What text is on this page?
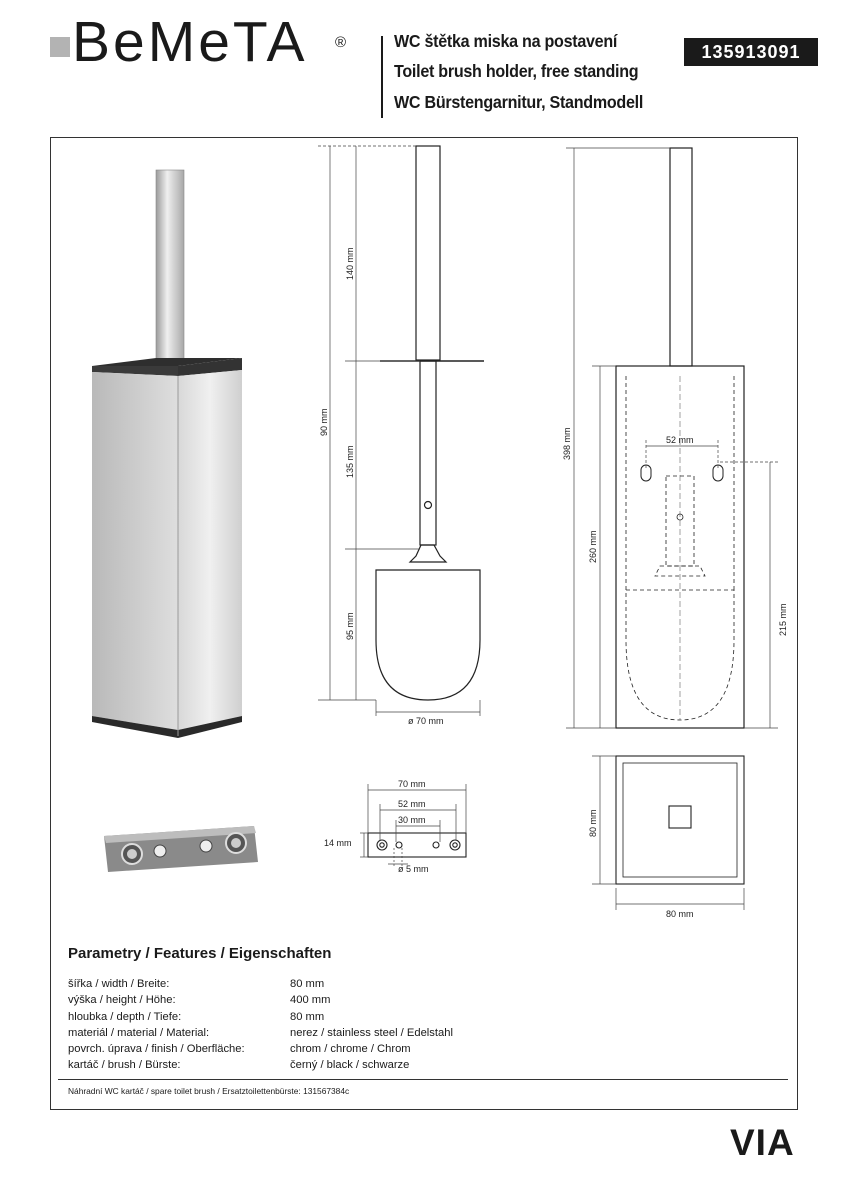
BeMeTA ®	WC štětka miska na postavení
Toilet brush holder, free standing
WC Bürstengarnitur, Standmodell
135913091
140 mm
90 mm
135 mm
95 mm
ø 70 mm
398 mm	52 mm
260 mm
215 mm
70 mm
52 mm
30 mm
14 mm
ø 5 mm
80 mm
80 mm
Parametry / Features / Eigenschaften
šířka / width / Breite:	80 mm
výška / height / Höhe:	400 mm
hloubka / depth / Tiefe:	80 mm
materiál / material / Material:	nerez / stainless steel / Edelstahl
povrch. úprava / finish / Oberfläche:	chrom / chrome / Chrom
kartáč / brush / Bürste:	černý / black / schwarze
Náhradní WC kartáč / spare toilet brush / Ersatztoilettenbürste: 131567384c
VIA
